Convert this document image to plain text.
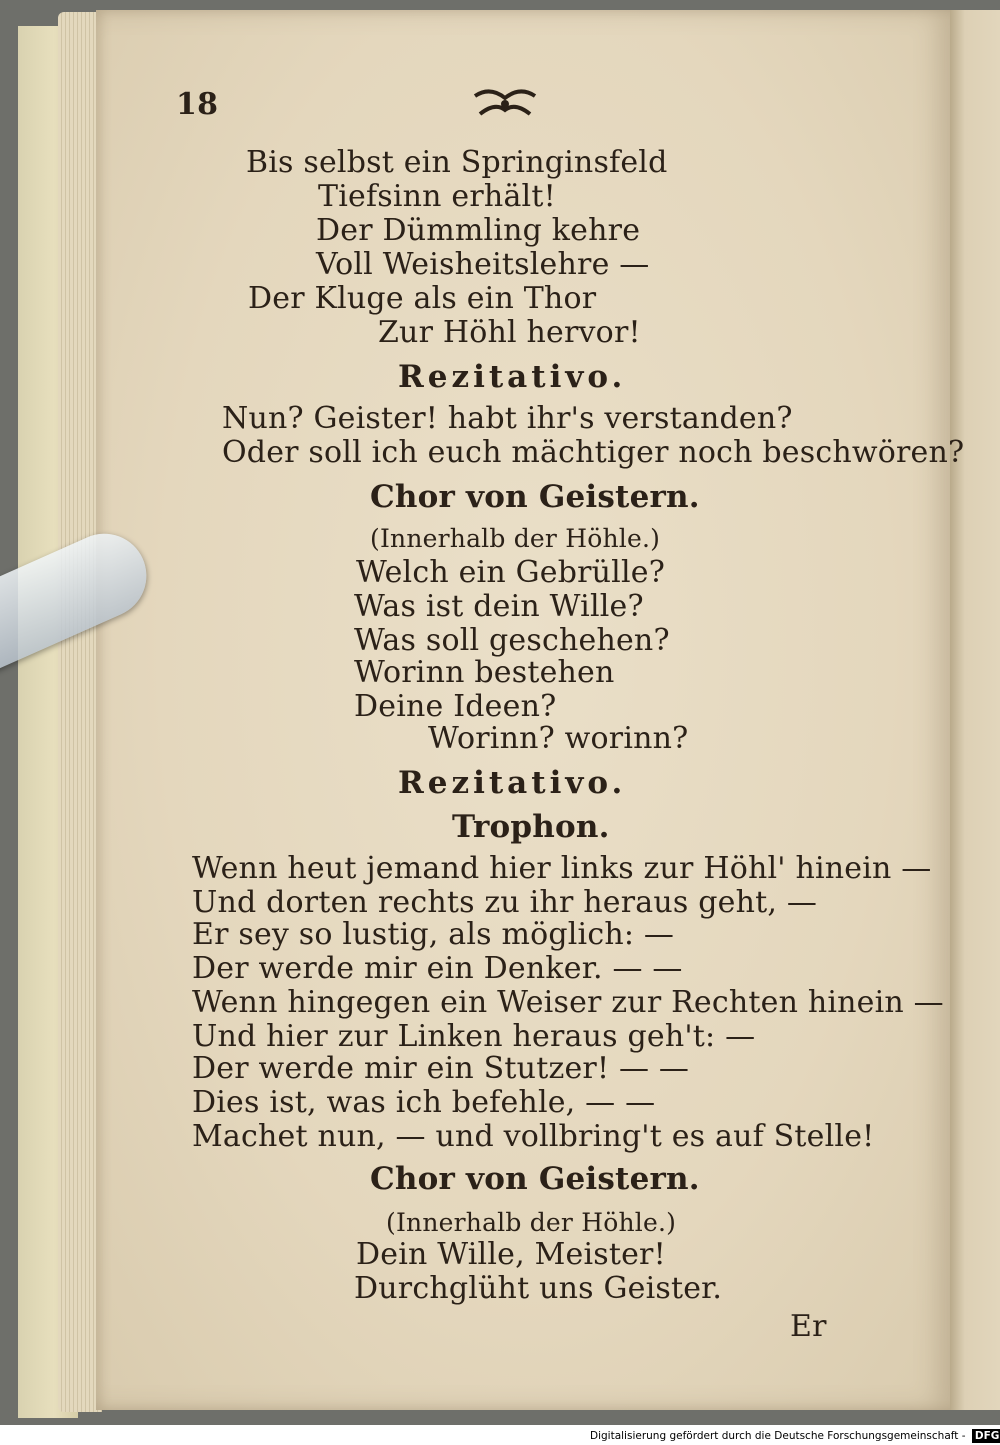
18
Bis selbst ein Springinsfeld
Tiefsinn erhält!
Der Dümmling kehre
Voll Weisheitslehre —
Der Kluge als ein Thor
Zur Höhl hervor!
Rezitativo.
Nun? Geister! habt ihr's verstanden?
Oder soll ich euch mächtiger noch beschwören?
Chor von Geistern.
(Innerhalb der Höhle.)
Welch ein Gebrülle?
Was ist dein Wille?
Was soll geschehen?
Worinn bestehen
Deine Ideen?
Worinn? worinn?
Rezitativo.
Trophon.
Wenn heut jemand hier links zur Höhl' hinein —
Und dorten rechts zu ihr heraus geht, —
Er sey so lustig, als möglich: —
Der werde mir ein Denker. — —
Wenn hingegen ein Weiser zur Rechten hinein —
Und hier zur Linken heraus geh't: —
Der werde mir ein Stutzer! — —
Dies ist, was ich befehle, — —
Machet nun, — und vollbring't es auf Stelle!
Chor von Geistern.
(Innerhalb der Höhle.)
Dein Wille, Meister!
Durchglüht uns Geister.
Er
Digitalisierung gefördert durch die Deutsche Forschungsgemeinschaft - DFG
